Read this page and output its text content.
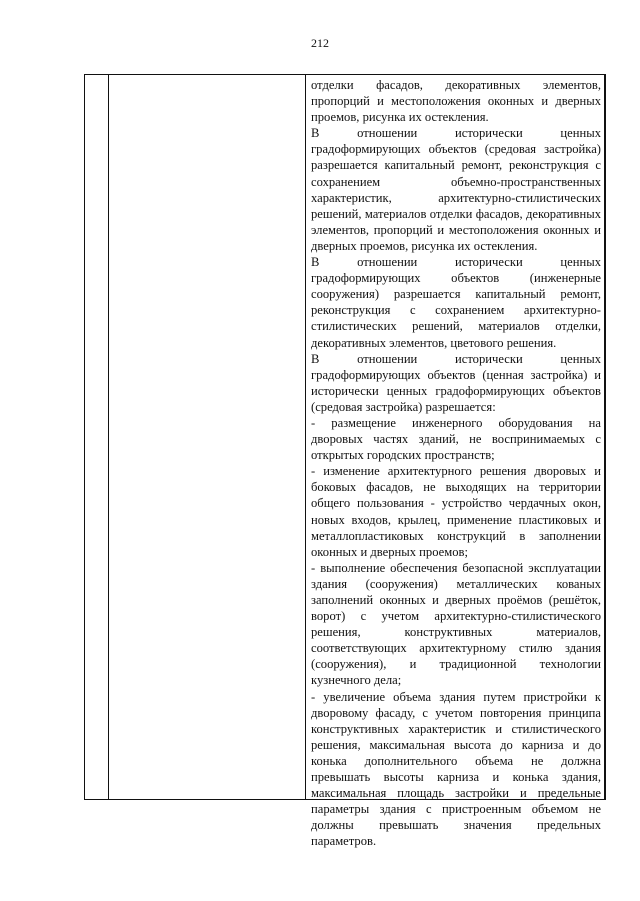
212

отделки фасадов, декоративных элементов, пропорций и местоположения оконных и дверных проемов, рисунка их остекления.

В отношении исторически ценных градоформирующих объектов (средовая застройка) разрешается капитальный ремонт, реконструкция с сохранением объемно-пространственных характеристик, архитектурно-стилистических решений, материалов отделки фасадов, декоративных элементов, пропорций и местоположения оконных и дверных проемов, рисунка их остекления.

В отношении исторически ценных градоформирующих объектов (инженерные сооружения) разрешается капитальный ремонт, реконструкция с сохранением архитектурно-стилистических решений, материалов отделки, декоративных элементов, цветового решения.

В отношении исторически ценных градоформирующих объектов (ценная застройка) и исторически ценных градоформирующих объектов (средовая застройка) разрешается:

- размещение инженерного оборудования на дворовых частях зданий, не воспринимаемых с открытых городских пространств;

- изменение архитектурного решения дворовых и боковых фасадов, не выходящих на территории общего пользования - устройство чердачных окон, новых входов, крылец, применение пластиковых и металлопластиковых конструкций в заполнении оконных и дверных проемов;

- выполнение обеспечения безопасной эксплуатации здания (сооружения) металлических кованых заполнений оконных и дверных проёмов (решёток, ворот) с учетом архитектурно-стилистического решения, конструктивных материалов, соответствующих архитектурному стилю здания (сооружения), и традиционной технологии кузнечного дела;

- увеличение объема здания путем пристройки к дворовому фасаду, с учетом повторения принципа конструктивных характеристик и стилистического решения, максимальная высота до карниза и до конька дополнительного объема не должна превышать высоты карниза и конька здания, максимальная площадь застройки и предельные параметры здания с пристроенным объемом не должны превышать значения предельных параметров.
